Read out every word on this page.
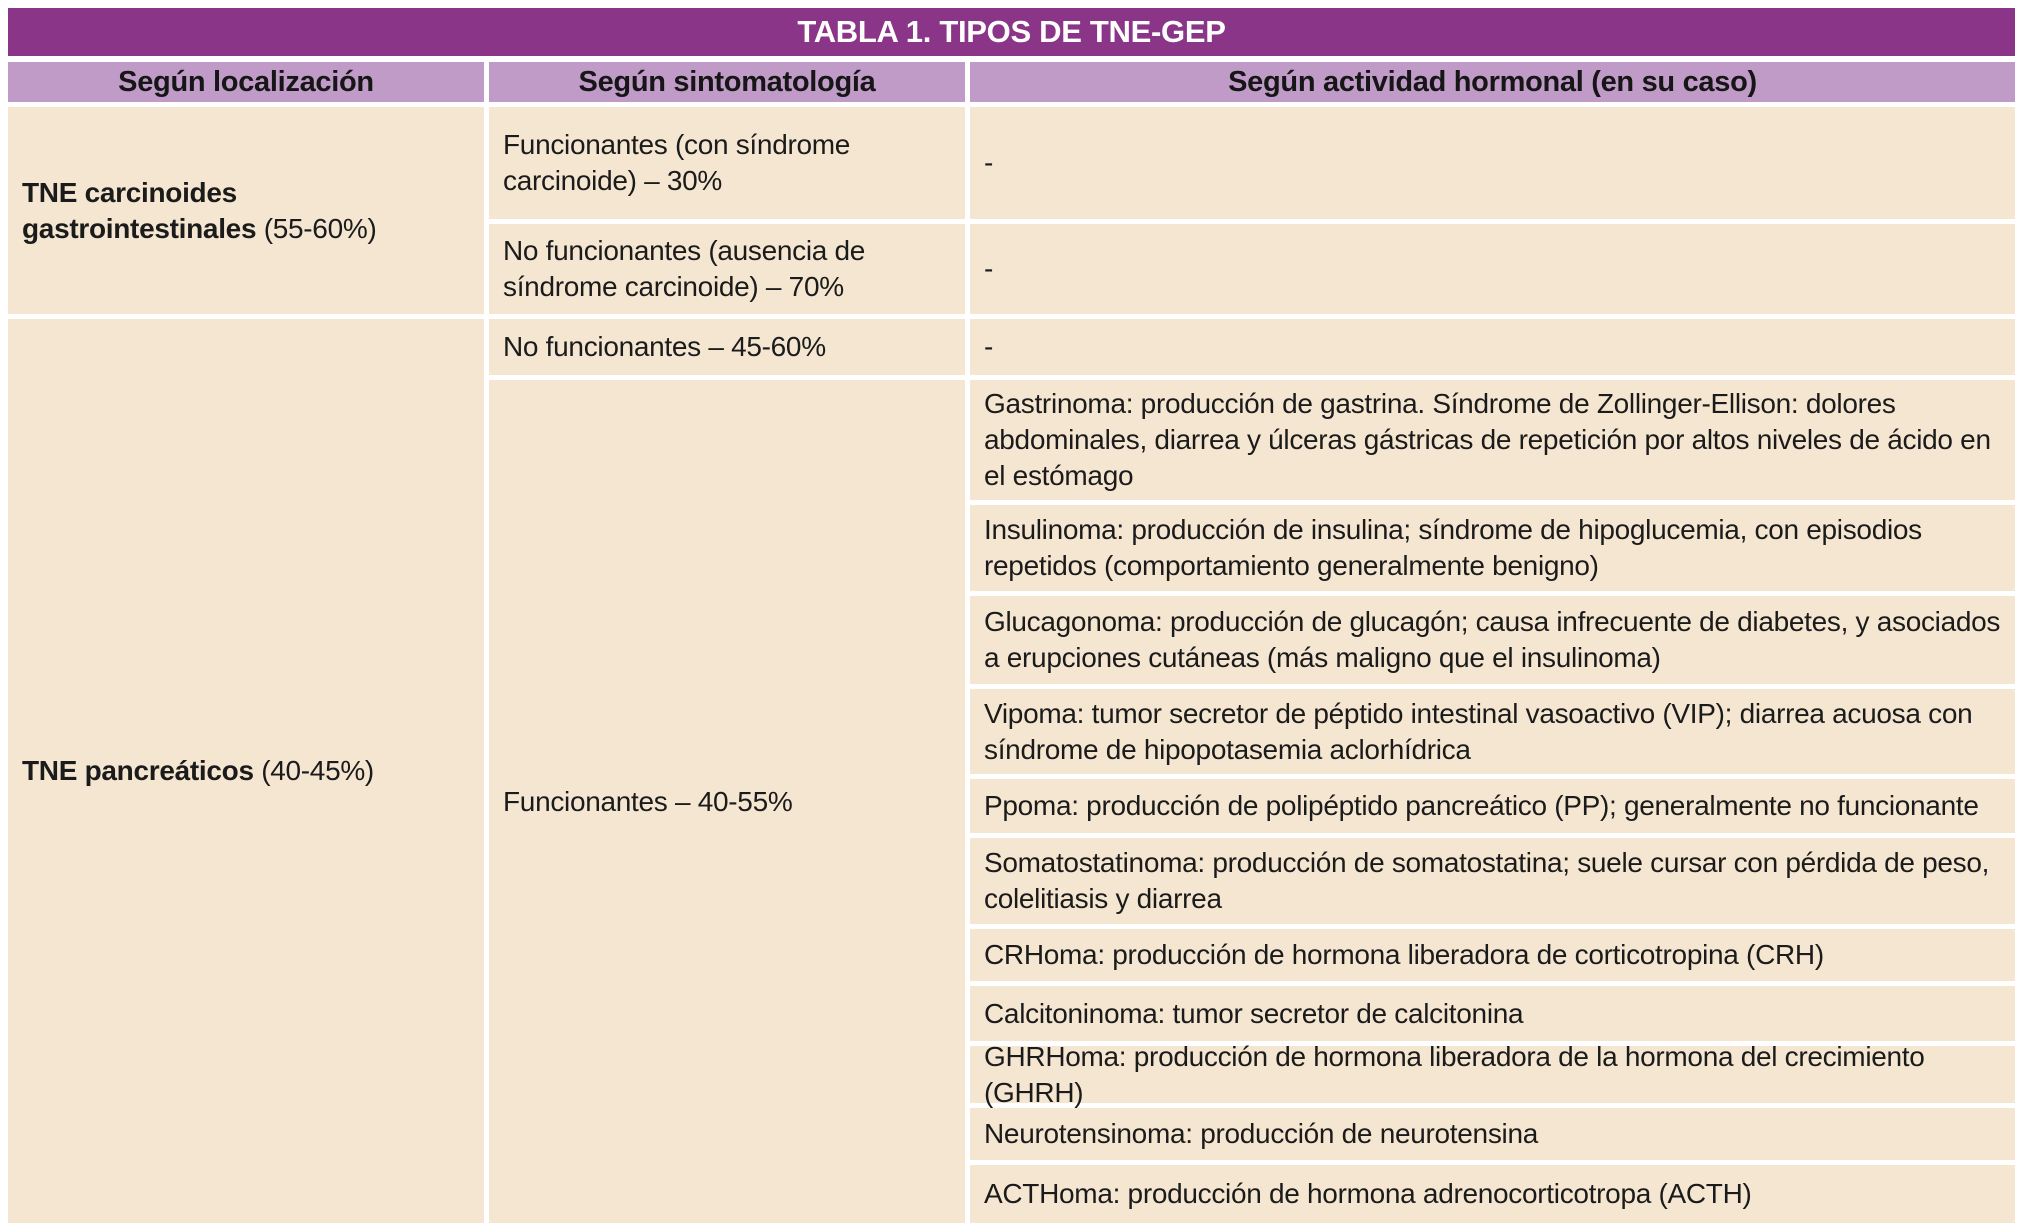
TABLA 1. TIPOS DE TNE-GEP
Según localización	Según sintomatología	Según actividad hormonal (en su caso)
TNE carcinoides gastrointestinales (55-60%)
TNE pancreáticos (40-45%)
Funcionantes (con síndrome carcinoide) – 30%
No funcionantes (ausencia de síndrome carcinoide) – 70%
No funcionantes – 45-60%
Funcionantes – 40-55%
-
-
-
Gastrinoma: producción de gastrina. Síndrome de Zollinger-Ellison: dolores abdominales, diarrea y úlceras gástricas de repetición por altos niveles de ácido en el estómago
Insulinoma: producción de insulina; síndrome de hipoglucemia, con episodios repetidos (comportamiento generalmente benigno)
Glucagonoma: producción de glucagón; causa infrecuente de diabetes, y asociados a erupciones cutáneas (más maligno que el insulinoma)
Vipoma: tumor secretor de péptido intestinal vasoactivo (VIP); diarrea acuosa con síndrome de hipopotasemia aclorhídrica
Ppoma: producción de polipéptido pancreático (PP); generalmente no funcionante
Somatostatinoma: producción de somatostatina; suele cursar con pérdida de peso, colelitiasis y diarrea
CRHoma: producción de hormona liberadora de corticotropina (CRH)
Calcitoninoma: tumor secretor de calcitonina
GHRHoma: producción de hormona liberadora de la hormona del crecimiento (GHRH)
Neurotensinoma: producción de neurotensina
ACTHoma: producción de hormona adrenocorticotropa (ACTH)
